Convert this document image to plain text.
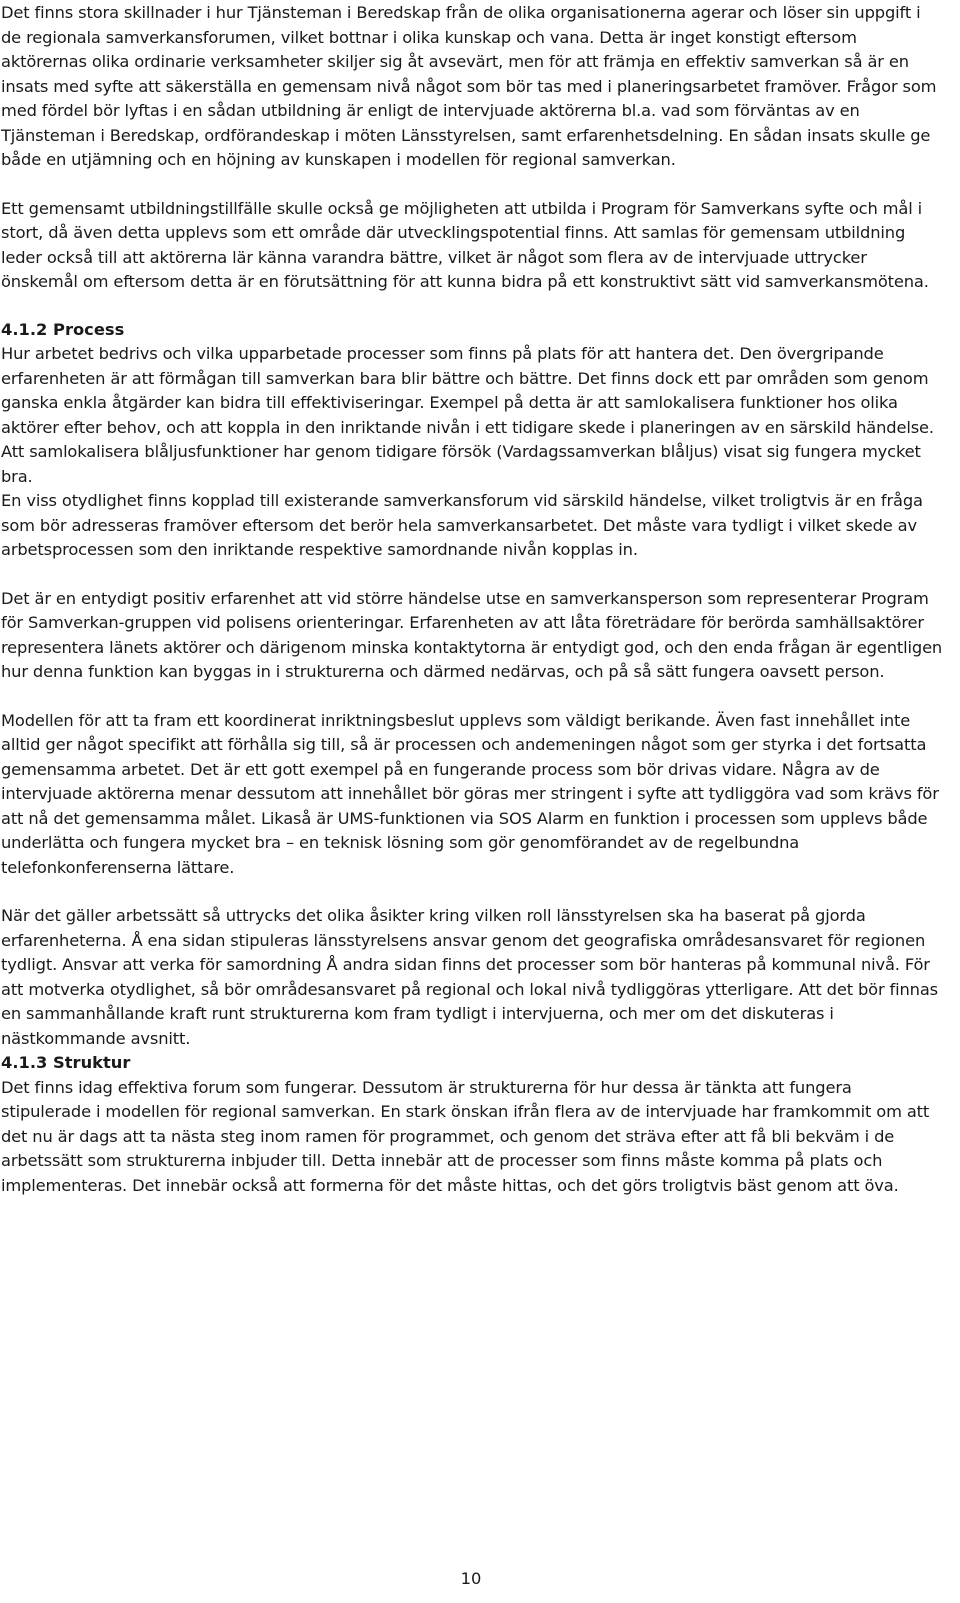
Det finns stora skillnader i hur Tjänsteman i Beredskap från de olika organisationerna agerar och löser sin uppgift i de regionala samverkansforumen, vilket bottnar i olika kunskap och vana. Detta är inget konstigt eftersom aktörernas olika ordinarie verksamheter skiljer sig åt avsevärt, men för att främja en effektiv samverkan så är en insats med syfte att säkerställa en gemensam nivå något som bör tas med i planeringsarbetet framöver. Frågor som med fördel bör lyftas i en sådan utbildning är enligt de intervjuade aktörerna bl.a. vad som förväntas av en Tjänsteman i Beredskap, ordförandeskap i möten Länsstyrelsen, samt erfarenhetsdelning. En sådan insats skulle ge både en utjämning och en höjning av kunskapen i modellen för regional samverkan.

Ett gemensamt utbildningstillfälle skulle också ge möjligheten att utbilda i Program för Samverkans syfte och mål i stort, då även detta upplevs som ett område där utvecklingspotential finns. Att samlas för gemensam utbildning leder också till att aktörerna lär känna varandra bättre, vilket är något som flera av de intervjuade uttrycker önskemål om eftersom detta är en förutsättning för att kunna bidra på ett konstruktivt sätt vid samverkansmötena.

4.1.2 Process

Hur arbetet bedrivs och vilka upparbetade processer som finns på plats för att hantera det. Den övergripande erfarenheten är att förmågan till samverkan bara blir bättre och bättre. Det finns dock ett par områden som genom ganska enkla åtgärder kan bidra till effektiviseringar. Exempel på detta är att samlokalisera funktioner hos olika aktörer efter behov, och att koppla in den inriktande nivån i ett tidigare skede i planeringen av en särskild händelse. Att samlokalisera blåljusfunktioner har genom tidigare försök (Vardagssamverkan blåljus) visat sig fungera mycket bra.

En viss otydlighet finns kopplad till existerande samverkansforum vid särskild händelse, vilket troligtvis är en fråga som bör adresseras framöver eftersom det berör hela samverkansarbetet. Det måste vara tydligt i vilket skede av arbetsprocessen som den inriktande respektive samordnande nivån kopplas in.

Det är en entydigt positiv erfarenhet att vid större händelse utse en samverkansperson som representerar Program för Samverkan-gruppen vid polisens orienteringar. Erfarenheten av att låta företrädare för berörda samhällsaktörer representera länets aktörer och därigenom minska kontaktytorna är entydigt god, och den enda frågan är egentligen hur denna funktion kan byggas in i strukturerna och därmed nedärvas, och på så sätt fungera oavsett person.

Modellen för att ta fram ett koordinerat inriktningsbeslut upplevs som väldigt berikande. Även fast innehållet inte alltid ger något specifikt att förhålla sig till, så är processen och andemeningen något som ger styrka i det fortsatta gemensamma arbetet. Det är ett gott exempel på en fungerande process som bör drivas vidare. Några av de intervjuade aktörerna menar dessutom att innehållet bör göras mer stringent i syfte att tydliggöra vad som krävs för att nå det gemensamma målet. Likaså är UMS-funktionen via SOS Alarm en funktion i processen som upplevs både underlätta och fungera mycket bra – en teknisk lösning som gör genomförandet av de regelbundna telefonkonferenserna lättare.

När det gäller arbetssätt så uttrycks det olika åsikter kring vilken roll länsstyrelsen ska ha baserat på gjorda erfarenheterna. Å ena sidan stipuleras länsstyrelsens ansvar genom det geografiska områdesansvaret för regionen tydligt. Ansvar att verka för samordning Å andra sidan finns det processer som bör hanteras på kommunal nivå. För att motverka otydlighet, så bör områdesansvaret på regional och lokal nivå tydliggöras ytterligare. Att det bör finnas en sammanhållande kraft runt strukturerna kom fram tydligt i intervjuerna, och mer om det diskuteras i nästkommande avsnitt.

4.1.3 Struktur

Det finns idag effektiva forum som fungerar. Dessutom är strukturerna för hur dessa är tänkta att fungera stipulerade i modellen för regional samverkan. En stark önskan ifrån flera av de intervjuade har framkommit om att det nu är dags att ta nästa steg inom ramen för programmet, och genom det sträva efter att få bli bekväm i de arbetssätt som strukturerna inbjuder till. Detta innebär att de processer som finns måste komma på plats och implementeras. Det innebär också att formerna för det måste hittas, och det görs troligtvis bäst genom att öva.

10
